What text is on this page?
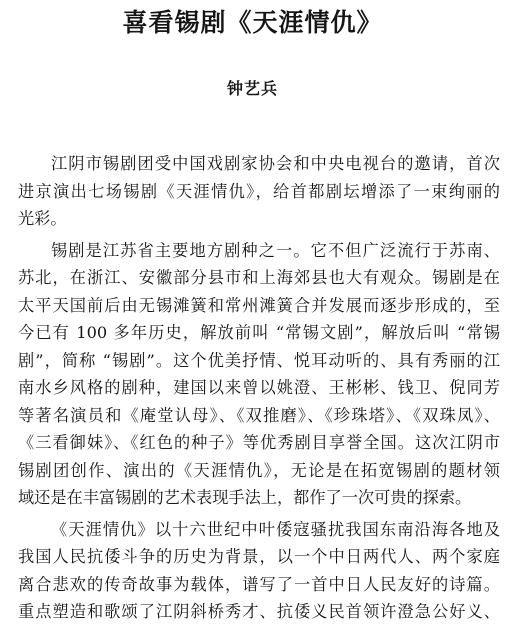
喜看锡剧《天涯情仇》
钟艺兵
江阴市锡剧团受中国戏剧家协会和中央电视台的邀请，首次
进京演出七场锡剧《天涯情仇》，给首都剧坛增添了一束绚丽的
光彩。
锡剧是江苏省主要地方剧种之一。它不但广泛流行于苏南、
苏北，在浙江、安徽部分县市和上海郊县也大有观众。锡剧是在
太平天国前后由无锡滩簧和常州滩簧合并发展而逐步形成的，至
今已有 100 多年历史，解放前叫 “常锡文剧”，解放后叫 “常锡
剧”，简称 “锡剧”。这个优美抒情、悦耳动听的、具有秀丽的江
南水乡风格的剧种，建国以来曾以姚澄、王彬彬、钱卫、倪同芳
等著名演员和《庵堂认母》、《双推磨》、《珍珠塔》、《双珠凤》、
《三看御妹》、《红色的种子》等优秀剧目享誉全国。这次江阴市
锡剧团创作、演出的《天涯情仇》，无论是在拓宽锡剧的题材领
域还是在丰富锡剧的艺术表现手法上，都作了一次可贵的探索。
《天涯情仇》以十六世纪中叶倭寇骚扰我国东南沿海各地及
我国人民抗倭斗争的历史为背景，以一个中日两代人、两个家庭
离合悲欢的传奇故事为载体，谱写了一首中日人民友好的诗篇。
重点塑造和歌颂了江阴斜桥秀才、抗倭义民首领许澄急公好义、
